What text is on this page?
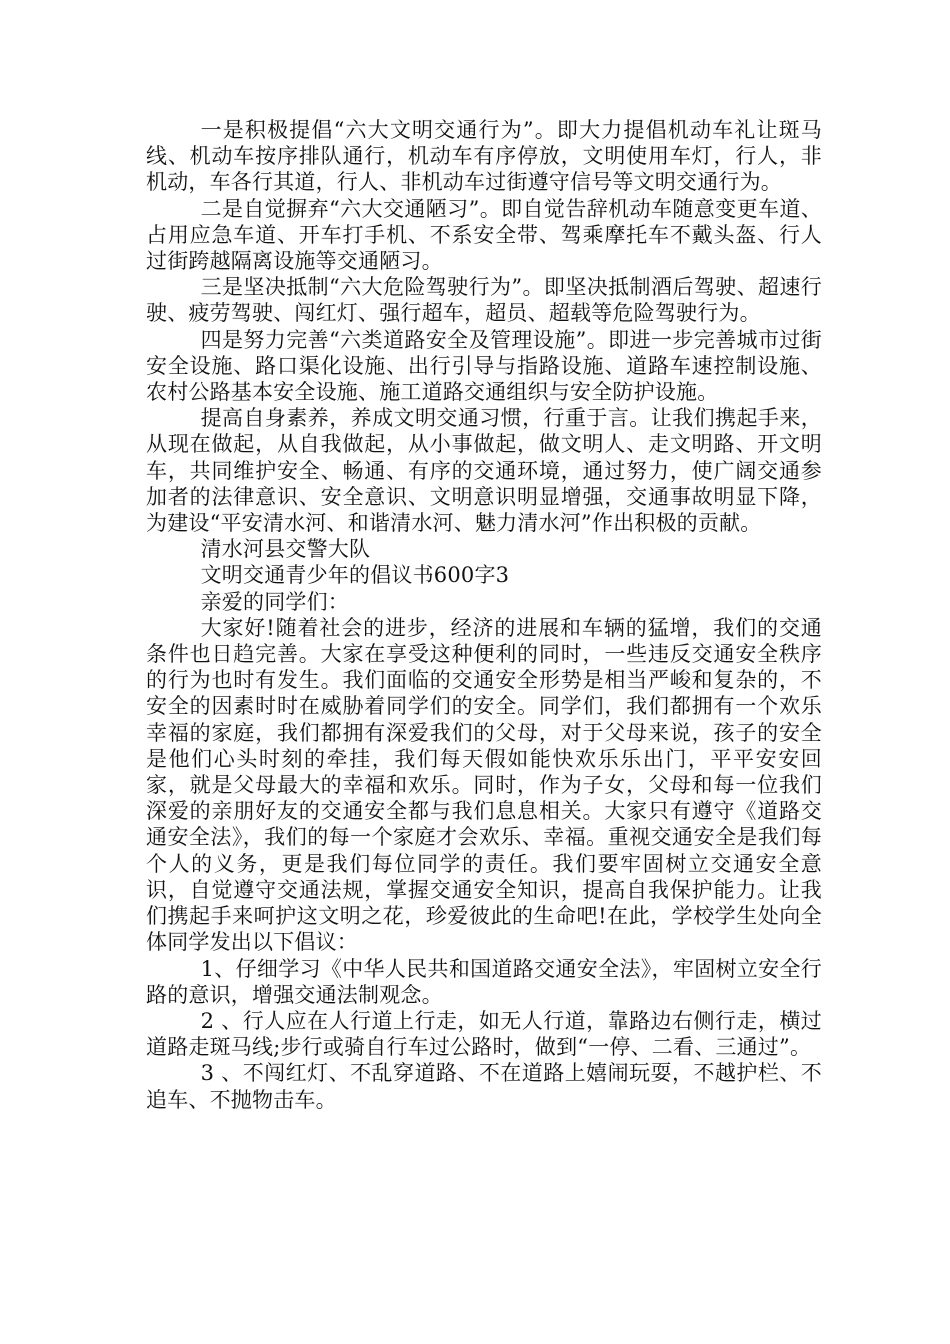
一是积极提倡“六大文明交通行为”。即大力提倡机动车礼让斑马线、机动车按序排队通行，机动车有序停放，文明使用车灯，行人，非机动，车各行其道，行人、非机动车过街遵守信号等文明交通行为。

二是自觉摒弃“六大交通陋习”。即自觉告辞机动车随意变更车道、占用应急车道、开车打手机、不系安全带、驾乘摩托车不戴头盔、行人过街跨越隔离设施等交通陋习。

三是坚决抵制“六大危险驾驶行为”。即坚决抵制酒后驾驶、超速行驶、疲劳驾驶、闯红灯、强行超车，超员、超载等危险驾驶行为。

四是努力完善“六类道路安全及管理设施”。即进一步完善城市过街安全设施、路口渠化设施、出行引导与指路设施、道路车速控制设施、农村公路基本安全设施、施工道路交通组织与安全防护设施。

提高自身素养，养成文明交通习惯，行重于言。让我们携起手来，从现在做起，从自我做起，从小事做起，做文明人、走文明路、开文明车，共同维护安全、畅通、有序的交通环境，通过努力，使广阔交通参加者的法律意识、安全意识、文明意识明显增强，交通事故明显下降，为建设“平安清水河、和谐清水河、魅力清水河”作出积极的贡献。

清水河县交警大队

文明交通青少年的倡议书600字3

亲爱的同学们：

大家好!随着社会的进步，经济的进展和车辆的猛增，我们的交通条件也日趋完善。大家在享受这种便利的同时，一些违反交通安全秩序的行为也时有发生。我们面临的交通安全形势是相当严峻和复杂的，不安全的因素时时在威胁着同学们的安全。同学们，我们都拥有一个欢乐幸福的家庭，我们都拥有深爱我们的父母，对于父母来说，孩子的安全是他们心头时刻的牵挂，我们每天假如能快欢乐乐出门，平平安安回家，就是父母最大的幸福和欢乐。同时，作为子女，父母和每一位我们深爱的亲朋好友的交通安全都与我们息息相关。大家只有遵守《道路交通安全法》，我们的每一个家庭才会欢乐、幸福。重视交通安全是我们每个人的义务，更是我们每位同学的责任。我们要牢固树立交通安全意识，自觉遵守交通法规，掌握交通安全知识，提高自我保护能力。让我们携起手来呵护这文明之花，珍爱彼此的生命吧!在此，学校学生处向全体同学发出以下倡议：

1、仔细学习《中华人民共和国道路交通安全法》，牢固树立安全行路的意识，增强交通法制观念。

2 、行人应在人行道上行走，如无人行道，靠路边右侧行走，横过道路走斑马线;步行或骑自行车过公路时，做到“一停、二看、三通过”。

3 、不闯红灯、不乱穿道路、不在道路上嬉闹玩耍，不越护栏、不追车、不抛物击车。
